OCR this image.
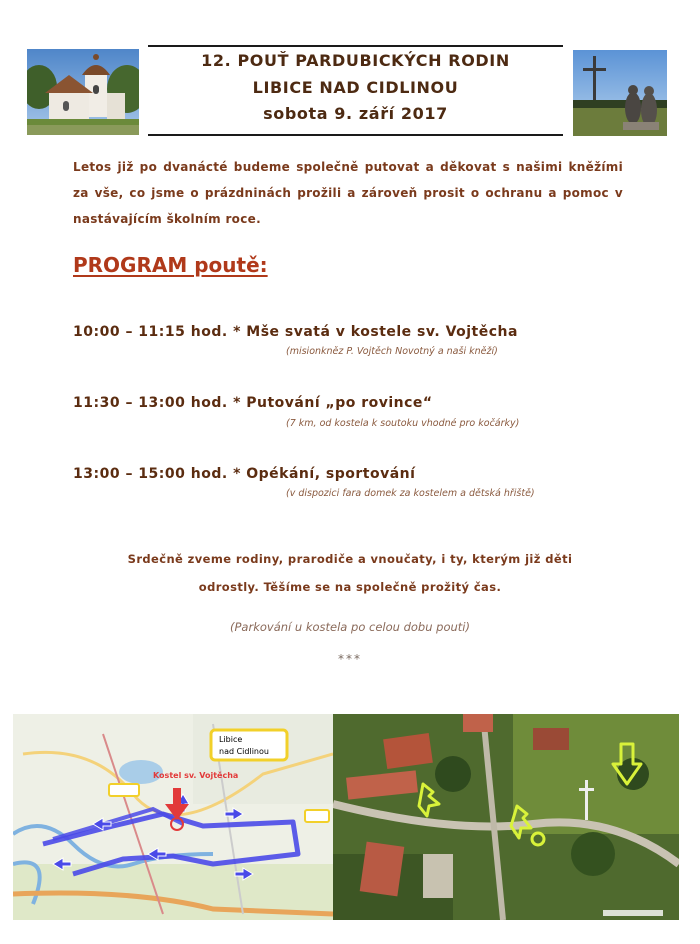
12. POUŤ PARDUBICKÝCH RODIN
LIBICE NAD CIDLINOU
sobota 9. září 2017
Letos již po dvanácté budeme společně putovat a děkovat s našimi kněžími za vše, co jsme o prázdninách prožili a zároveň prosit o ochranu a pomoc v nastávajícím školním roce.
PROGRAM poutě:
10:00 – 11:15 hod. * Mše svatá v kostele sv. Vojtěcha
(misionkněz P. Vojtěch Novotný a naši kněží)
11:30 – 13:00 hod. * Putování „po rovince“
(7 km, od kostela k soutoku vhodné pro kočárky)
13:00 – 15:00 hod. * Opékání, sportování
(v dispozici fara domek za kostelem a dětská hřiště)
Srdečně zveme rodiny, prarodiče a vnoučaty, i ty, kterým již děti
odrostly. Těšíme se na společně prožitý čas.
(Parkování u kostela po celou dobu pouti)
***
Kostel sv. Vojtěcha
Libice
nad Cidlinou
